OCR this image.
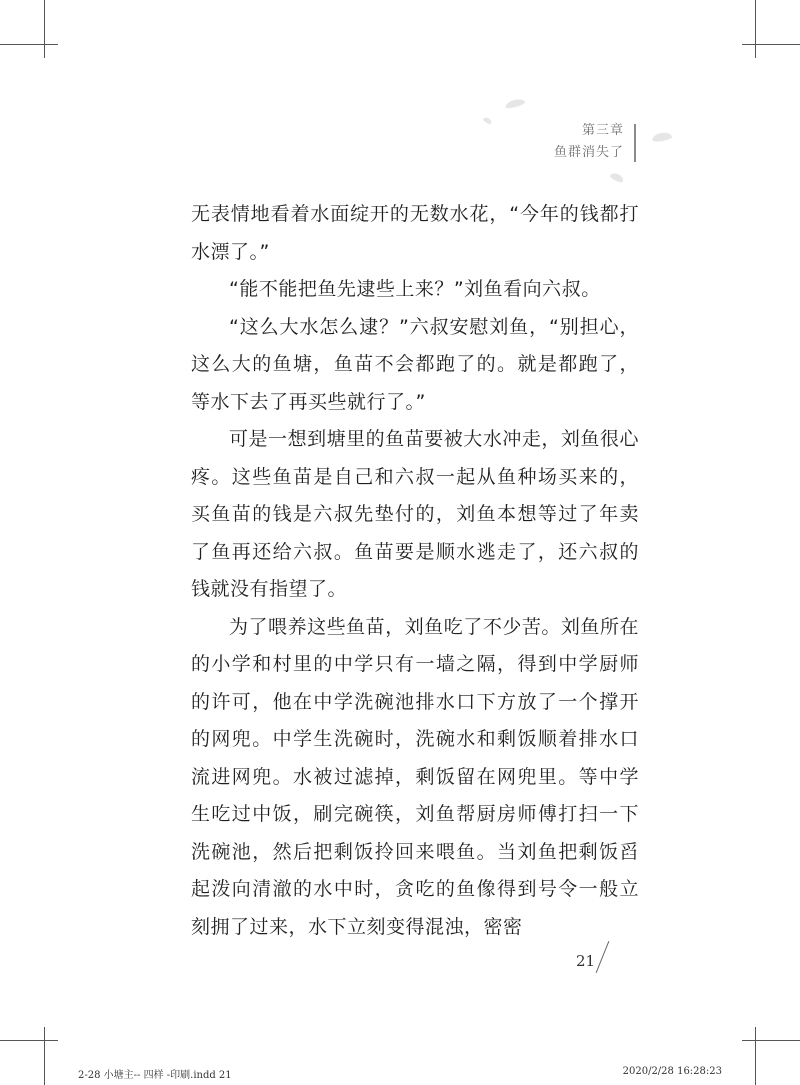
第三章
鱼群消失了

无表情地看着水面绽开的无数水花，“今年的钱都打水漂了。”

“能不能把鱼先逮些上来？”刘鱼看向六叔。

“这么大水怎么逮？”六叔安慰刘鱼，“别担心，这么大的鱼塘，鱼苗不会都跑了的。就是都跑了，等水下去了再买些就行了。”

可是一想到塘里的鱼苗要被大水冲走，刘鱼很心疼。这些鱼苗是自己和六叔一起从鱼种场买来的，买鱼苗的钱是六叔先垫付的，刘鱼本想等过了年卖了鱼再还给六叔。鱼苗要是顺水逃走了，还六叔的钱就没有指望了。

为了喂养这些鱼苗，刘鱼吃了不少苦。刘鱼所在的小学和村里的中学只有一墙之隔，得到中学厨师的许可，他在中学洗碗池排水口下方放了一个撑开的网兜。中学生洗碗时，洗碗水和剩饭顺着排水口流进网兜。水被过滤掉，剩饭留在网兜里。等中学生吃过中饭，刷完碗筷，刘鱼帮厨房师傅打扫一下洗碗池，然后把剩饭拎回来喂鱼。当刘鱼把剩饭舀起泼向清澈的水中时，贪吃的鱼像得到号令一般立刻拥了过来，水下立刻变得混浊，密密

21
2-28 小塘主-- 四样 -印刷.indd 21	2020/2/28 16:28:23
